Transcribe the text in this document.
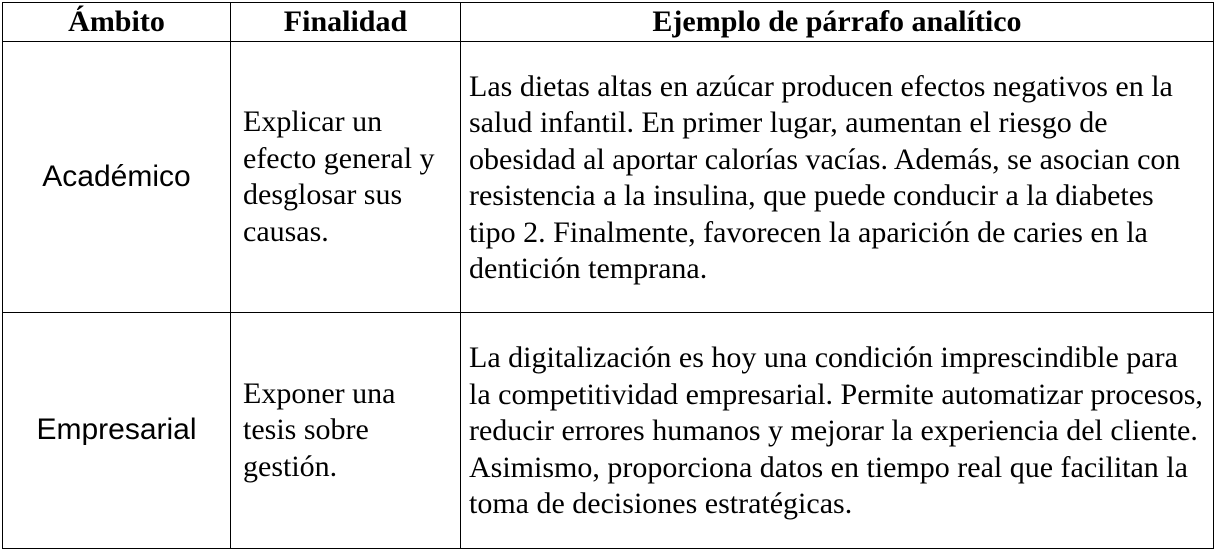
Ámbito	Finalidad	Ejemplo de párrafo analítico
Académico	Explicar un efecto general y desglosar sus causas.	Las dietas altas en azúcar producen efectos negativos en la salud infantil. En primer lugar, aumentan el riesgo de obesidad al aportar calorías vacías. Además, se asocian con resistencia a la insulina, que puede conducir a la diabetes tipo 2. Finalmente, favorecen la aparición de caries en la dentición temprana.
Empresarial	Exponer una tesis sobre gestión.	La digitalización es hoy una condición imprescindible para la competitividad empresarial. Permite automatizar procesos, reducir errores humanos y mejorar la experiencia del cliente. Asimismo, proporciona datos en tiempo real que facilitan la toma de decisiones estratégicas.
